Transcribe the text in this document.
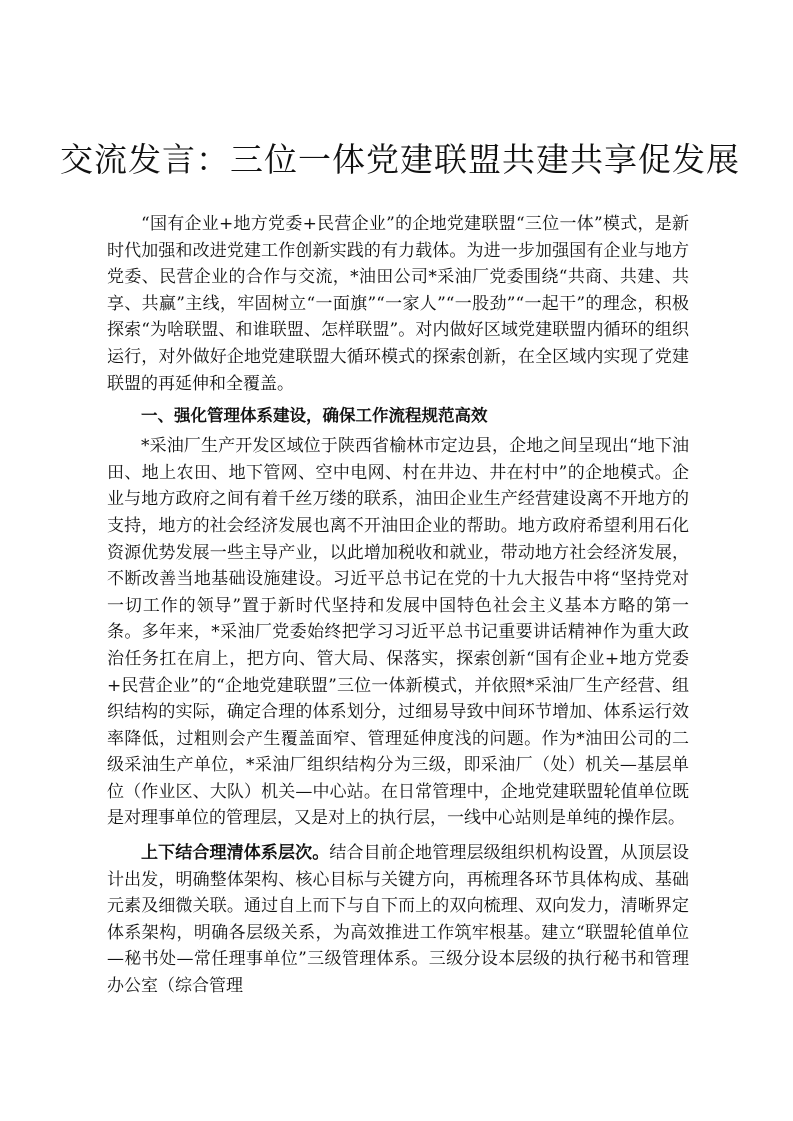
交流发言：三位一体党建联盟共建共享促发展

“国有企业+地方党委+民营企业”的企地党建联盟“三位一体”模式，是新时代加强和改进党建工作创新实践的有力载体。为进一步加强国有企业与地方党委、民营企业的合作与交流，*油田公司*采油厂党委围绕“共商、共建、共享、共赢”主线，牢固树立“一面旗”“一家人”“一股劲”“一起干”的理念，积极探索“为啥联盟、和谁联盟、怎样联盟”。对内做好区域党建联盟内循环的组织运行，对外做好企地党建联盟大循环模式的探索创新，在全区域内实现了党建联盟的再延伸和全覆盖。

一、强化管理体系建设，确保工作流程规范高效

*采油厂生产开发区域位于陕西省榆林市定边县，企地之间呈现出“地下油田、地上农田、地下管网、空中电网、村在井边、井在村中”的企地模式。企业与地方政府之间有着千丝万缕的联系，油田企业生产经营建设离不开地方的支持，地方的社会经济发展也离不开油田企业的帮助。地方政府希望利用石化资源优势发展一些主导产业，以此增加税收和就业，带动地方社会经济发展，不断改善当地基础设施建设。习近平总书记在党的十九大报告中将“坚持党对一切工作的领导”置于新时代坚持和发展中国特色社会主义基本方略的第一条。多年来，*采油厂党委始终把学习习近平总书记重要讲话精神作为重大政治任务扛在肩上，把方向、管大局、保落实，探索创新“国有企业+地方党委+民营企业”的“企地党建联盟”三位一体新模式，并依照*采油厂生产经营、组织结构的实际，确定合理的体系划分，过细易导致中间环节增加、体系运行效率降低，过粗则会产生覆盖面窄、管理延伸度浅的问题。作为*油田公司的二级采油生产单位，*采油厂组织结构分为三级，即采油厂（处）机关—基层单位（作业区、大队）机关—中心站。在日常管理中，企地党建联盟轮值单位既是对理事单位的管理层，又是对上的执行层，一线中心站则是单纯的操作层。

上下结合理清体系层次。结合目前企地管理层级组织机构设置，从顶层设计出发，明确整体架构、核心目标与关键方向，再梳理各环节具体构成、基础元素及细微关联。通过自上而下与自下而上的双向梳理、双向发力，清晰界定体系架构，明确各层级关系，为高效推进工作筑牢根基。建立“联盟轮值单位—秘书处—常任理事单位”三级管理体系。三级分设本层级的执行秘书和管理办公室（综合管理
